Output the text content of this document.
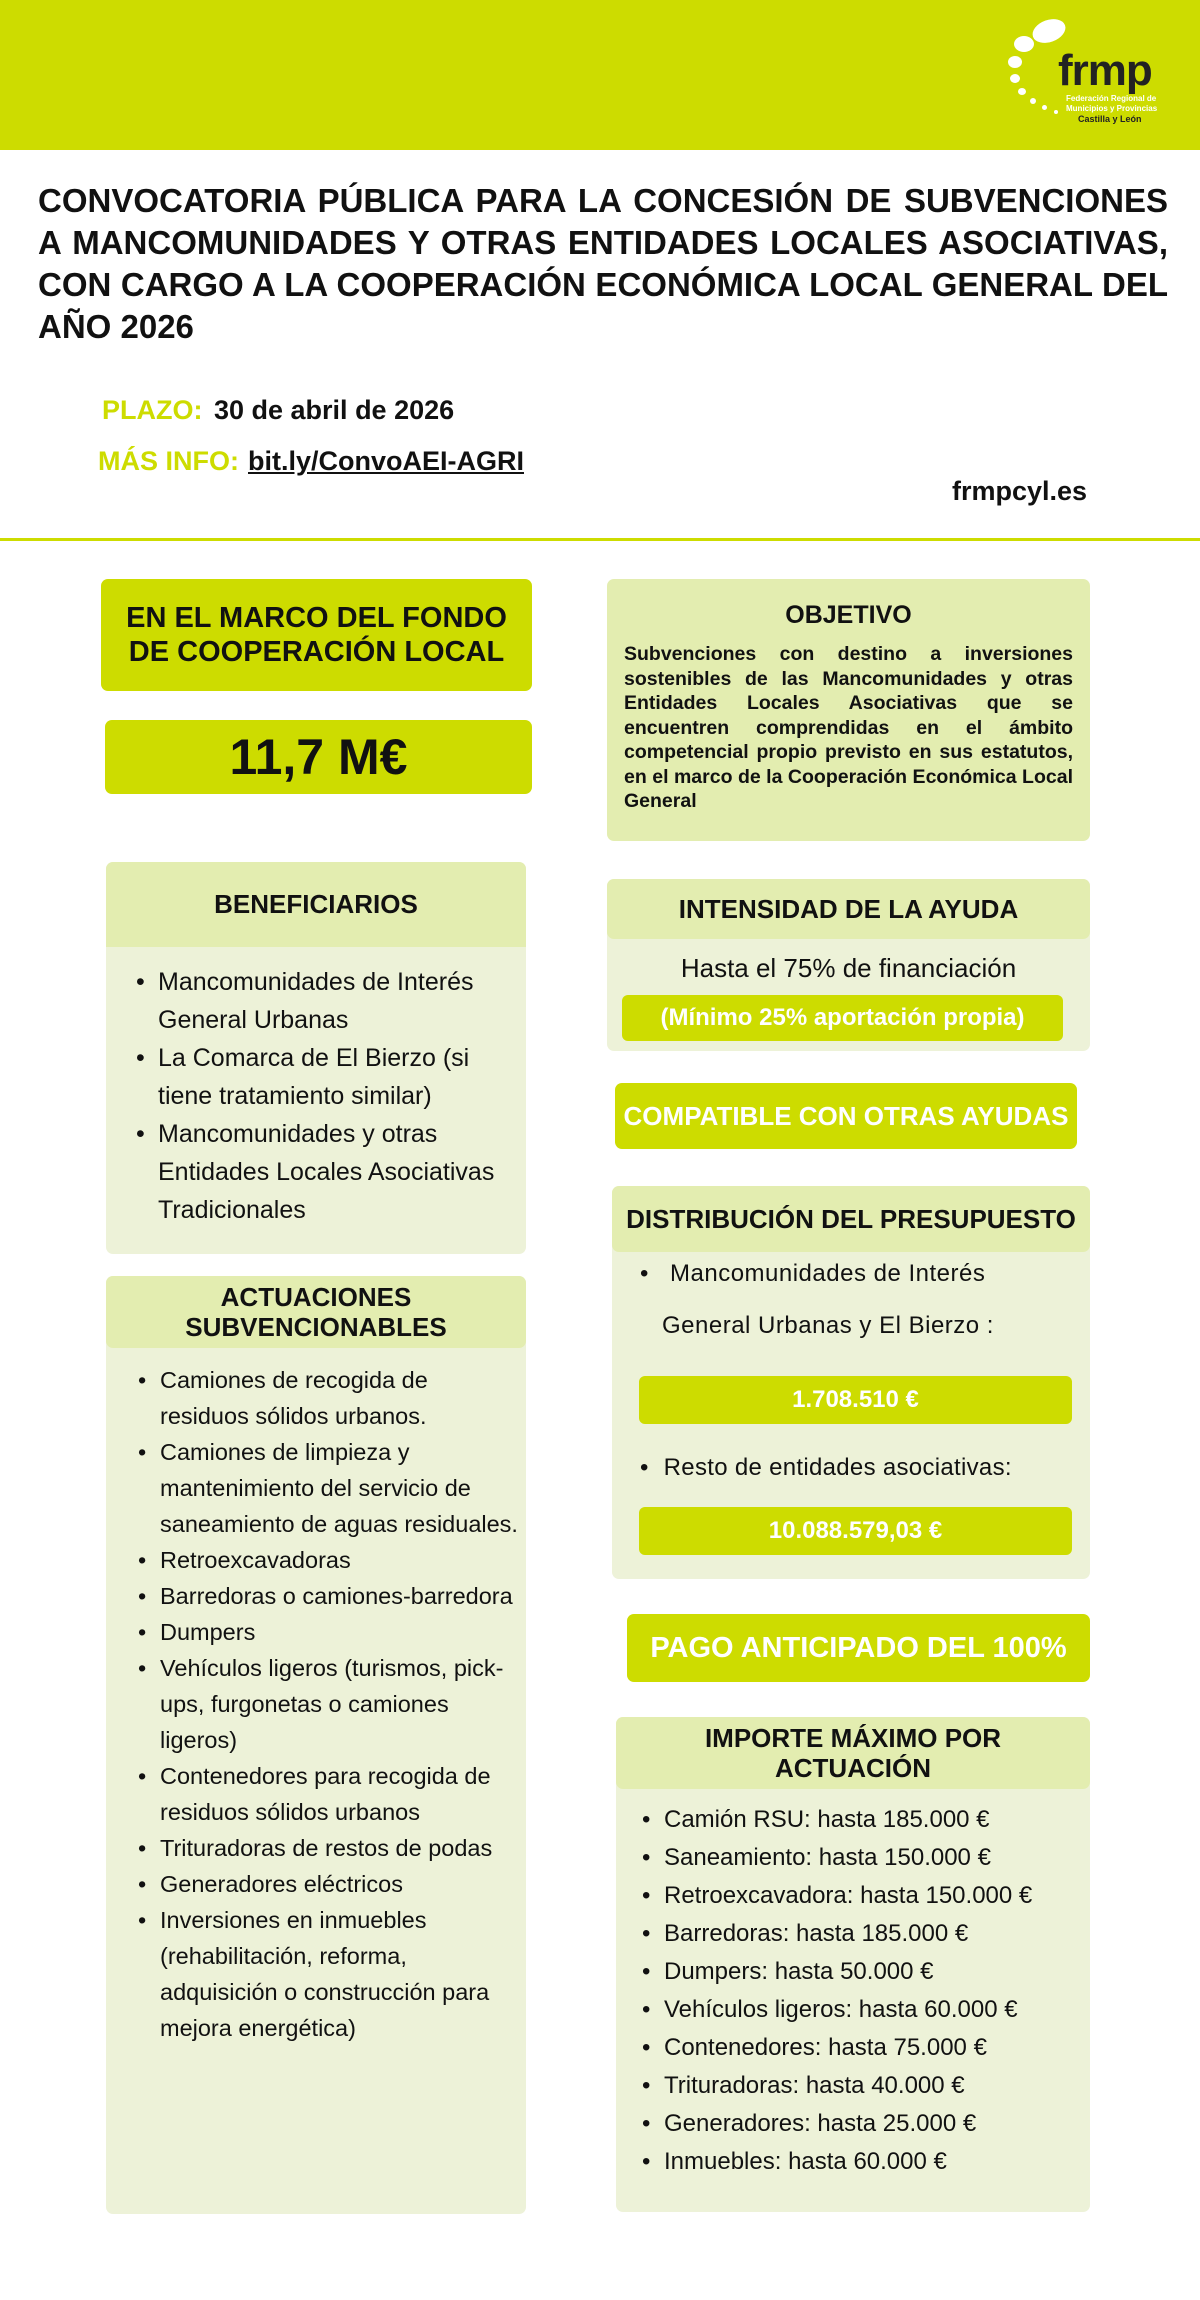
frmp
Federación Regional de Municipios y Provincias
Castilla y León
CONVOCATORIA PÚBLICA PARA LA CONCESIÓN DE SUBVENCIONES A MANCOMUNIDADES Y OTRAS ENTIDADES LOCALES ASOCIATIVAS, CON CARGO A LA COOPERACIÓN ECONÓMICA LOCAL GENERAL DEL AÑO 2026
PLAZO: 30 de abril de 2026
MÁS INFO: bit.ly/ConvoAEI-AGRI
frmpcyl.es
EN EL MARCO DEL FONDO DE COOPERACIÓN LOCAL
11,7 M€
OBJETIVO
Subvenciones con destino a inversiones sostenibles de las Mancomunidades y otras Entidades Locales Asociativas que se encuentren comprendidas en el ámbito competencial propio previsto en sus estatutos, en el marco de la Cooperación Económica Local General
BENEFICIARIOS
• Mancomunidades de Interés General Urbanas
• La Comarca de El Bierzo (si tiene tratamiento similar)
• Mancomunidades y otras Entidades Locales Asociativas Tradicionales
INTENSIDAD DE LA AYUDA
Hasta el 75% de financiación
(Mínimo 25% aportación propia)
COMPATIBLE CON OTRAS AYUDAS
DISTRIBUCIÓN DEL PRESUPUESTO
• Mancomunidades de Interés
General Urbanas y El Bierzo :
1.708.510 €
• Resto de entidades asociativas:
10.088.579,03 €
ACTUACIONES SUBVENCIONABLES
• Camiones de recogida de residuos sólidos urbanos.
• Camiones de limpieza y mantenimiento del servicio de saneamiento de aguas residuales.
• Retroexcavadoras
• Barredoras o camiones-barredora
• Dumpers
• Vehículos ligeros (turismos, pick-ups, furgonetas o camiones ligeros)
• Contenedores para recogida de residuos sólidos urbanos
• Trituradoras de restos de podas
• Generadores eléctricos
• Inversiones en inmuebles (rehabilitación, reforma, adquisición o construcción para mejora energética)
PAGO ANTICIPADO DEL 100%
IMPORTE MÁXIMO POR ACTUACIÓN
• Camión RSU: hasta 185.000 €
• Saneamiento: hasta 150.000 €
• Retroexcavadora: hasta 150.000 €
• Barredoras: hasta 185.000 €
• Dumpers: hasta 50.000 €
• Vehículos ligeros: hasta 60.000 €
• Contenedores: hasta 75.000 €
• Trituradoras: hasta 40.000 €
• Generadores: hasta 25.000 €
• Inmuebles: hasta 60.000 €
